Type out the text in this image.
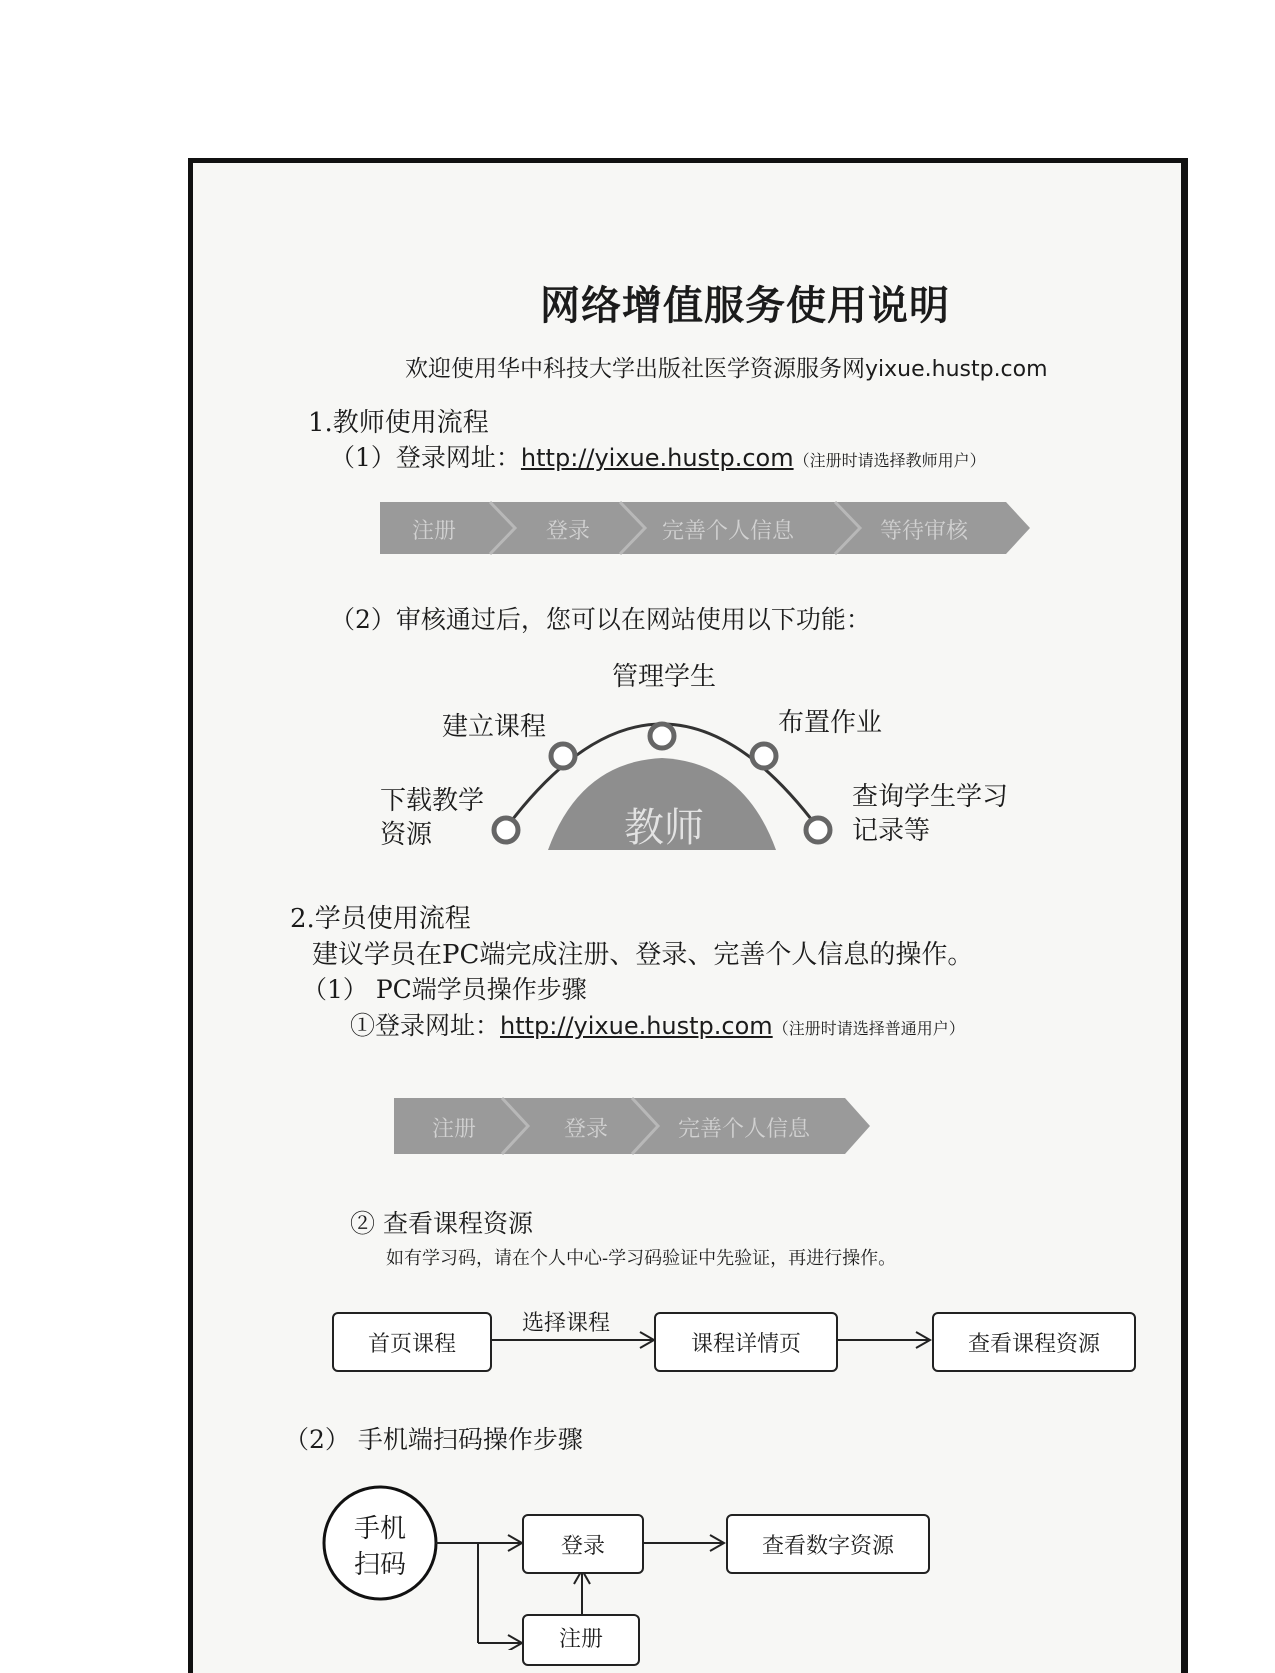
网络增值服务使用说明
欢迎使用华中科技大学出版社医学资源服务网yixue.hustp.com
1.教师使用流程
（1）登录网址：http://yixue.hustp.com（注册时请选择教师用户）
注册	登录	完善个人信息	等待审核
（2）审核通过后，您可以在网站使用以下功能：
管理学生
建立课程	布置作业
下载教学
资源
查询学生学习
记录等
教师
2.学员使用流程
建议学员在PC端完成注册、登录、完善个人信息的操作。
（1） PC端学员操作步骤
①登录网址：http://yixue.hustp.com（注册时请选择普通用户）
注册	登录	完善个人信息
② 查看课程资源
如有学习码，请在个人中心-学习码验证中先验证，再进行操作。
首页课程
选择课程
课程详情页	查看课程资源
（2） 手机端扫码操作步骤
手机
扫码
登录	查看数字资源
注册
